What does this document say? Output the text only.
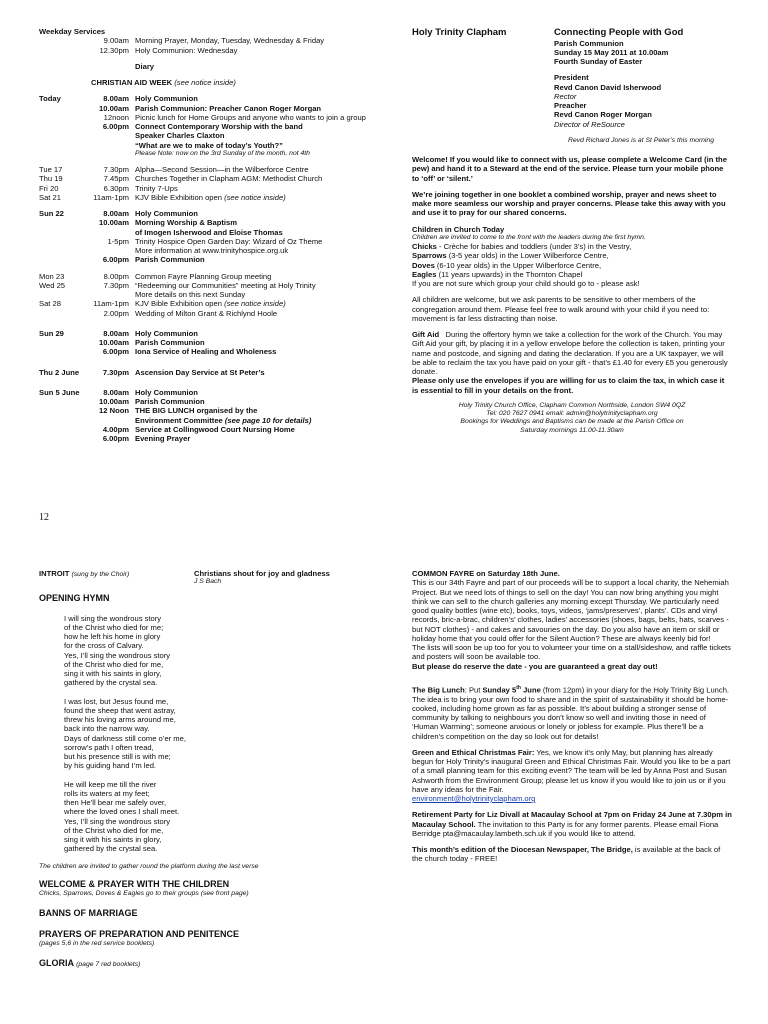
Weekday Services
9.00am Morning Prayer, Monday, Tuesday, Wednesday & Friday
12.30pm Holy Communion: Wednesday
Diary
CHRISTIAN AID WEEK (see notice inside)
Today	8.00am Holy Communion
10.00am Parish Communion: Preacher Canon Roger Morgan
12noon Picnic lunch for Home Groups and anyone who wants to join a group
6.00pm Connect Contemporary Worship with the band
Speaker Charles Claxton
“What are we to make of today’s Youth?”
Please Note: now on the 3rd Sunday of the month, not 4th
Tue 17	7.30pm Alpha—Second Session—in the Wilberforce Centre
Thu 19	7.45pm Churches Together in Clapham AGM: Methodist Church
Fri 20	6.30pm Trinity 7-Ups
Sat 21	11am-1pm KJV Bible Exhibition open (see notice inside)
Sun 22	8.00am Holy Communion
10.00am Morning Worship & Baptism
of Imogen Isherwood and Eloise Thomas
1-5pm Trinity Hospice Open Garden Day: Wizard of Oz Theme
More information at www.trinityhospice.org.uk
6.00pm Parish Communion
Mon 23	8.00pm Common Fayre Planning Group meeting
Wed 25	7.30pm “Redeeming our Communities” meeting at Holy Trinity
More details on this next Sunday
Sat 28	11am-1pm KJV Bible Exhibition open (see notice inside)
2.00pm Wedding of Milton Grant & Richlynd Hoole
Sun 29	8.00am Holy Communion
10.00am Parish Communion
6.00pm Iona Service of Healing and Wholeness
Thu 2 June	7.30pm Ascension Day Service at St Peter’s
Sun 5 June	8.00am Holy Communion
10.00am Parish Communion
12 Noon THE BIG LUNCH organised by the
Environment Committee (see page 10 for details)
4.00pm Service at Collingwood Court Nursing Home
6.00pm Evening Prayer
12
Holy Trinity Clapham	Connecting People with God
Parish Communion
Sunday 15 May 2011 at 10.00am
Fourth Sunday of Easter
President
Revd Canon David Isherwood
Rector
Preacher
Revd Canon Roger Morgan
Director of ReSource
Revd Richard Jones is at St Peter’s this morning

Welcome! If you would like to connect with us, please complete a Welcome Card (in the pew) and hand it to a Steward at the end of the service. Please turn your mobile phone to ‘off’ or ‘silent.’

We’re joining together in one booklet a combined worship, prayer and news sheet to make more seamless our worship and prayer concerns. Please take this away with you and use it to pray for our shared concerns.

Children in Church Today
Children are invited to come to the front with the leaders during the first hymn.
Chicks - Crèche for babies and toddlers (under 3’s) in the Vestry,
Sparrows (3-5 year olds) in the Lower Wilberforce Centre,
Doves (6-10 year olds) in the Upper Wilberforce Centre,
Eagles (11 years upwards) in the Thornton Chapel

If you are not sure which group your child should go to - please ask!

All children are welcome, but we ask parents to be sensitive to other members of the congregation around them. Please feel free to walk around with your child if you need to: movement is far less distracting than noise.

Gift Aid During the offertory hymn we take a collection for the work of the Church. You may Gift Aid your gift, by placing it in a yellow envelope before the collection is taken, printing your name and postcode, and signing and dating the declaration. If you are a UK taxpayer, we will be able to reclaim the tax you have paid on your gift - that’s £1.40 for every £5 you generously donate.

Please only use the envelopes if you are willing for us to claim the tax, in which case it is essential to fill in your details on the front.

Holy Trinity Church Office, Clapham Common Northside, London SW4 0QZ
Tel: 020 7627 0941 email: admin@holytrinityclapham.org
Bookings for Weddings and Baptisms can be made at the Parish Office on
Saturday mornings 11.00-11.30am
INTROIT (sung by the Choir)	Christians shout for joy and gladness
J S Bach
OPENING HYMN
I will sing the wondrous story
of the Christ who died for me;
how he left his home in glory
for the cross of Calvary.
Yes, I’ll sing the wondrous story
of the Christ who died for me,
sing it with his saints in glory,
gathered by the crystal sea.
I was lost, but Jesus found me,
found the sheep that went astray,
threw his loving arms around me,
back into the narrow way.
Days of darkness still come o’er me,
sorrow’s path I often tread,
but his presence still is with me;
by his guiding hand I’m led.
He will keep me till the river
rolls its waters at my feet;
then He’ll bear me safely over,
where the loved ones I shall meet.
Yes, I’ll sing the wondrous story
of the Christ who died for me,
sing it with his saints in glory,
gathered by the crystal sea.
The children are invited to gather round the platform during the last verse
WELCOME & PRAYER WITH THE CHILDREN
Chicks, Sparrows, Doves & Eagles go to their groups (see front page)
BANNS OF MARRIAGE
PRAYERS OF PREPARATION AND PENITENCE
(pages 5,6 in the red service booklets)
GLORIA (page 7 red booklets)
COMMON FAYRE on Saturday 18th June.
This is our 34th Fayre and part of our proceeds will be to support a local charity, the Nehemiah Project. But we need lots of things to sell on the day! You can now bring anything you might think we can sell to the church galleries any morning except Thursday. We particularly need good quality bottles (wine etc), books, toys, videos, ‘jams/preserves’, plants’. CDs and vinyl records, bric-a-brac, children’s’ clothes, ladies’ accessories (shoes, bags, belts, hats, scarves - but NOT clothes) - and cakes and savouries on the day. Do you also have an item or skill or holiday home that you could offer for the Silent Auction? These are always keenly bid for!
The lists will soon be up too for you to volunteer your time on a stall/sideshow, and raffle tickets and posters will soon be available too.

But please do reserve the date - you are guaranteed a great day out!

The Big Lunch: Put Sunday 5th June (from 12pm) in your diary for the Holy Trinity Big Lunch. The idea is to bring your own food to share and in the spirit of sustainability it should be home-cooked, including home grown as far as possible. It’s about building a stronger sense of community by talking to neighbours you don’t know so well and inviting those in need of ‘Human Warming’; someone anxious or lonely or jobless for example. Plus there’ll be a children’s competition on the day so look out for details!

Green and Ethical Christmas Fair: Yes, we know it’s only May, but planning has already begun for Holy Trinity’s inaugural Green and Ethical Christmas Fair. Would you like to be a part of a small planning team for this exciting event? The team will be led by Anna Post and Susan Ashworth from the Environment Group; please let us know if you would like to join us or if you have any ideas for the Fair.

environment@holytrinityclapham.org

Retirement Party for Liz Divall at Macaulay School at 7pm on Friday 24 June at 7.30pm in Macaulay School. The invitation to this Party is for any former parents. Please email Fiona Berridge pta@macaulay.lambeth.sch.uk if you would like to attend.

This month’s edition of the Diocesan Newspaper, The Bridge, is available at the back of the church today - FREE!
